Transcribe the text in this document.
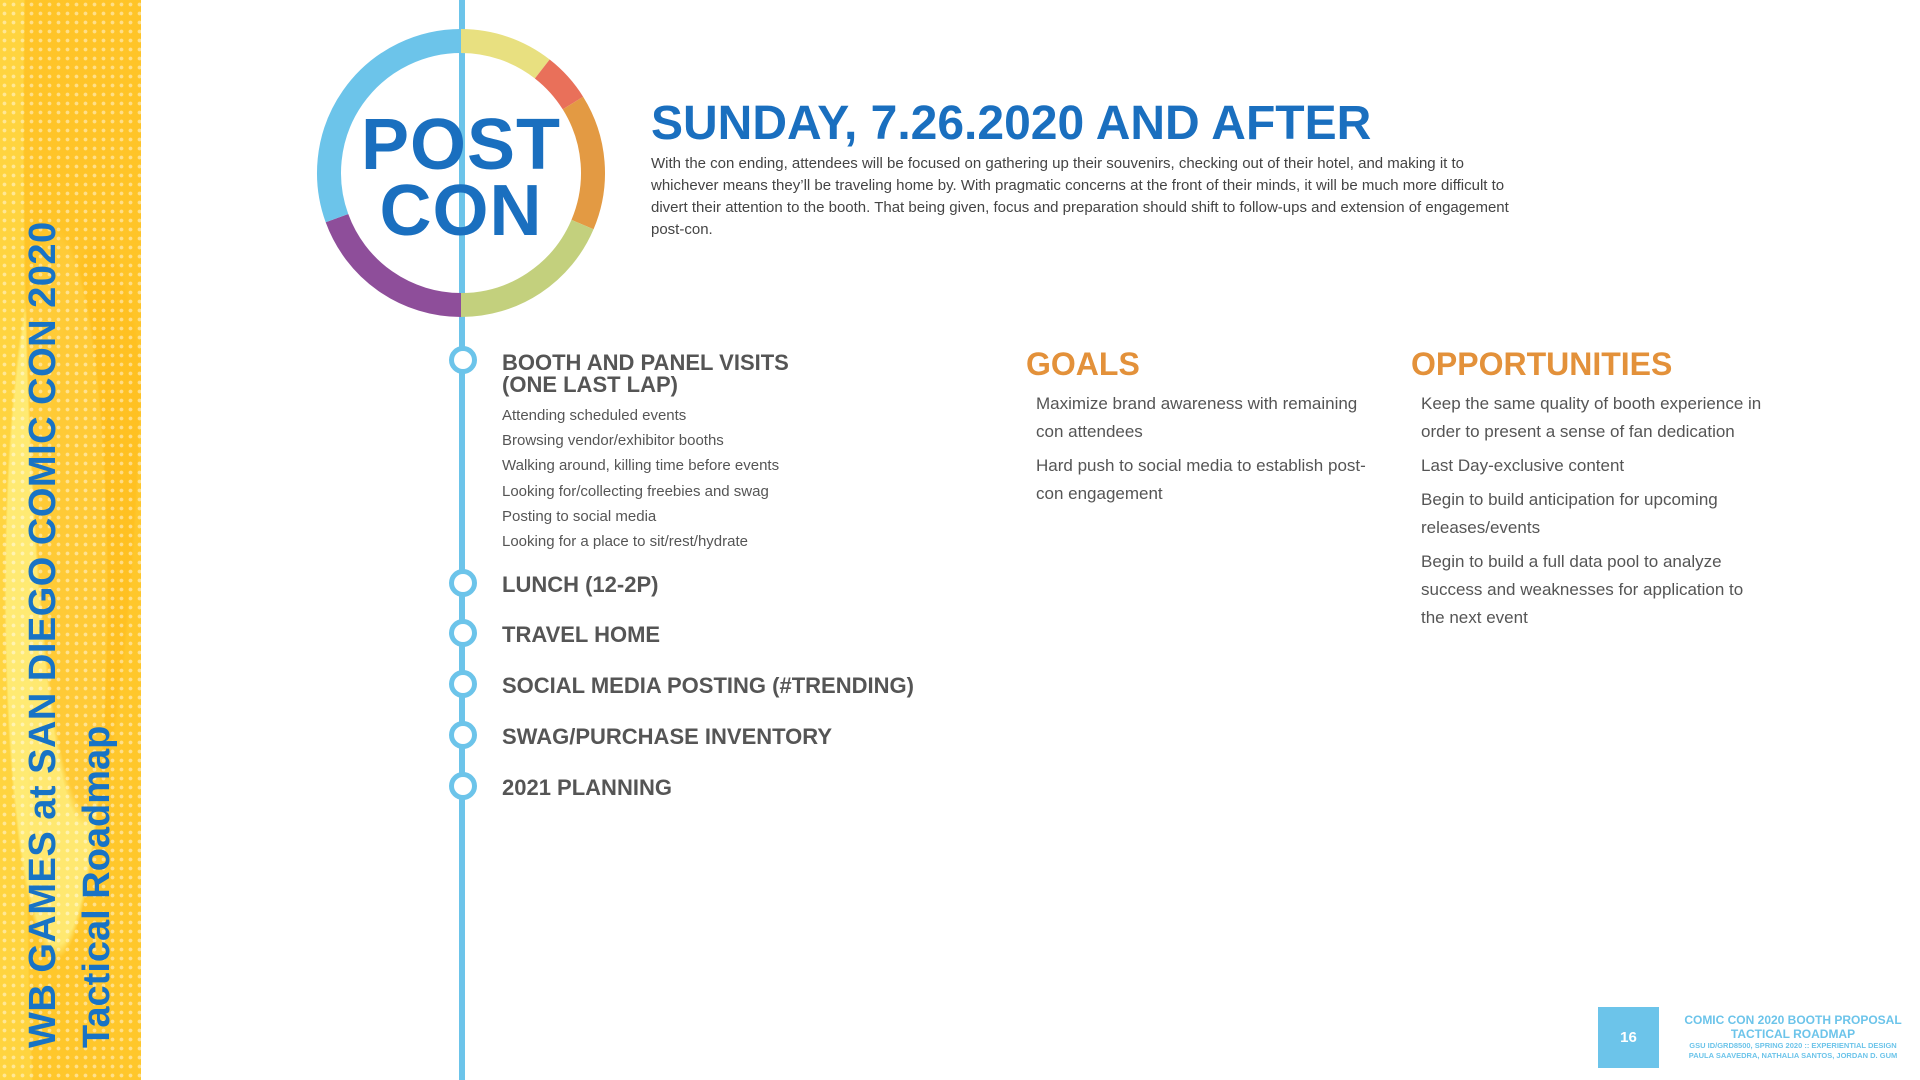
WB GAMES at SAN DIEGO COMIC CON 2020 Tactical Roadmap
POST
CON
SUNDAY, 7.26.2020 AND AFTER

With the con ending, attendees will be focused on gathering up their souvenirs, checking out of their hotel, and making it to whichever means they’ll be traveling home by. With pragmatic concerns at the front of their minds, it will be much more difficult to divert their attention to the booth. That being given, focus and preparation should shift to follow-ups and extension of engagement post-con.

BOOTH AND PANEL VISITS
(ONE LAST LAP)
Attending scheduled events
Browsing vendor/exhibitor booths
Walking around, killing time before events
Looking for/collecting freebies and swag
Posting to social media
Looking for a place to sit/rest/hydrate
LUNCH (12-2P)
TRAVEL HOME
SOCIAL MEDIA POSTING (#TRENDING)
SWAG/PURCHASE INVENTORY
2021 PLANNING
GOALS
Maximize brand awareness with remaining con attendees
Hard push to social media to establish post-con engagement
OPPORTUNITIES
Keep the same quality of booth experience in order to present a sense of fan dedication
Last Day-exclusive content
Begin to build anticipation for upcoming releases/events
Begin to build a full data pool to analyze success and weaknesses for application to the next event
16
COMIC CON 2020 BOOTH PROPOSAL
TACTICAL ROADMAP
GSU ID/GRD8500, SPRING 2020 :: EXPERIENTIAL DESIGN
PAULA SAAVEDRA, NATHALIA SANTOS, JORDAN D. GUM
